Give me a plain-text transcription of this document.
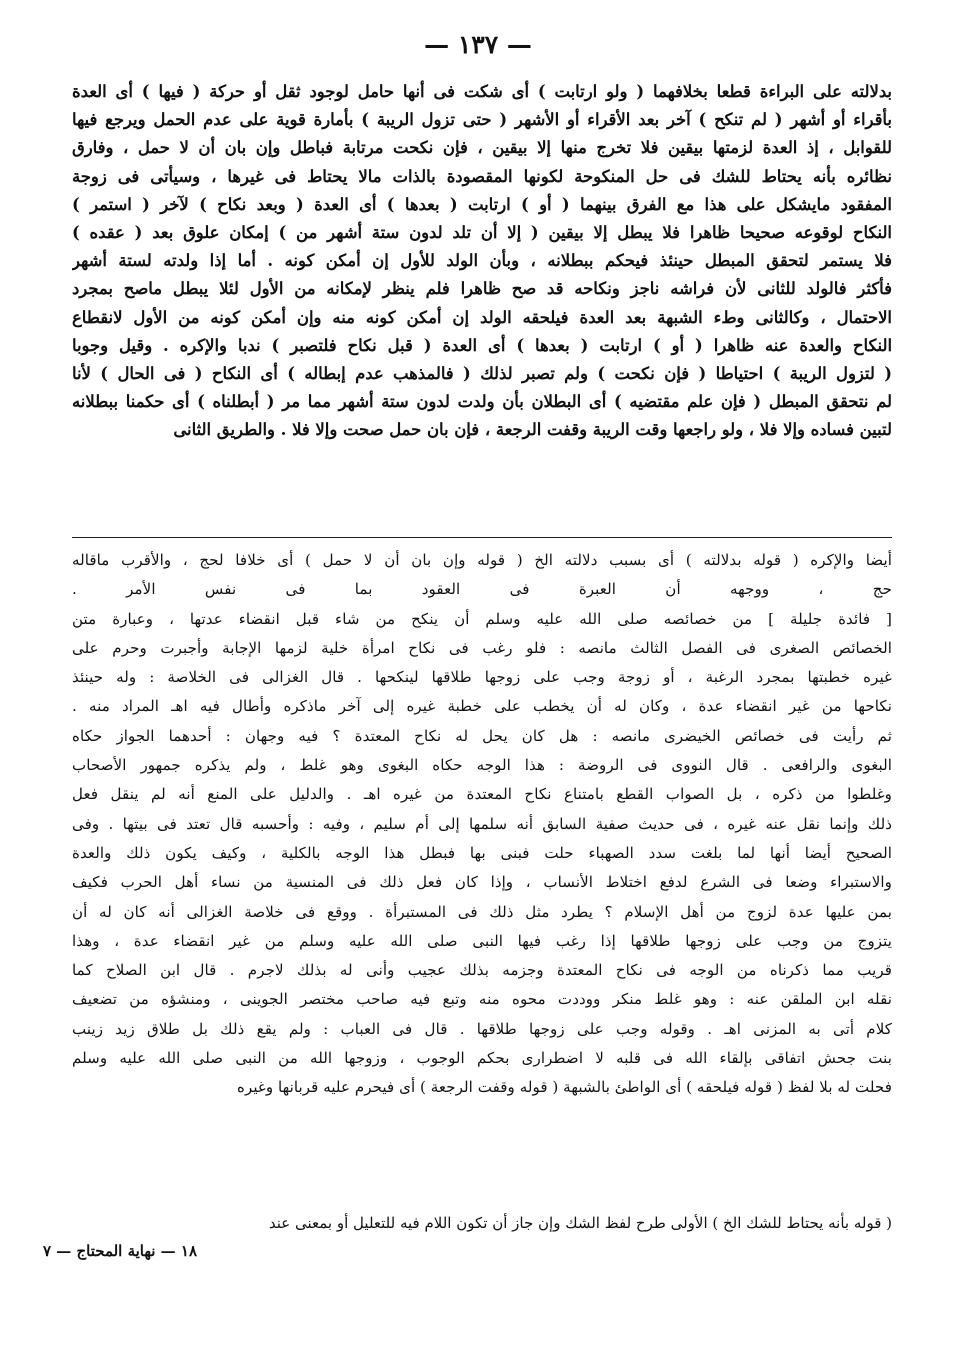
— ١٣٧ —
بدلالته على البراءة قطعا بخلافهما ( ولو ارتابت ) أى شكت فى أنها حامل لوجود ثقل أو حركة ( فيها ) أى العدة
بأقراء أو أشهر ( لم تنكح ) آخر بعد الأقراء أو الأشهر ( حتى تزول الريبة ) بأمارة قوية على عدم الحمل ويرجع فيها
للقوابل ، إذ العدة لزمتها بيقين فلا تخرج منها إلا بيقين ، فإن نكحت مرتابة فباطل وإن بان أن لا حمل ، وفارق
نظائره بأنه يحتاط للشك فى حل المنكوحة لكونها المقصودة بالذات مالا يحتاط فى غيرها ، وسيأتى فى زوجة
المفقود مايشكل على هذا مع الفرق بينهما ( أو ) ارتابت ( بعدها ) أى العدة ( وبعد نكاح ) لآخر ( استمر )
النكاح لوقوعه صحيحا ظاهرا فلا يبطل إلا بيقين ( إلا أن تلد لدون ستة أشهر من ) إمكان علوق بعد ( عقده )
فلا يستمر لتحقق المبطل حينئذ فيحكم ببطلانه ، وبأن الولد للأول إن أمكن كونه . أما إذا ولدته لستة أشهر
فأكثر فالولد للثانى لأن فراشه ناجز ونكاحه قد صح ظاهرا فلم ينظر لإمكانه من الأول لئلا يبطل ماصح بمجرد
الاحتمال ، وكالثانى وطء الشبهة بعد العدة فيلحقه الولد إن أمكن كونه منه وإن أمكن كونه من الأول لانقطاع
النكاح والعدة عنه ظاهرا ( أو ) ارتابت ( بعدها ) أى العدة ( قبل نكاح فلتصبر ) ندبا والإكره . وقيل وجوبا
( لتزول الريبة ) احتياطا ( فإن نكحت ) ولم تصبر لذلك ( فالمذهب عدم إبطاله ) أى النكاح ( فى الحال ) لأنا
لم نتحقق المبطل ( فإن علم مقتضيه ) أى البطلان بأن ولدت لدون ستة أشهر مما مر ( أبطلناه ) أى حكمنا ببطلانه
لتبين فساده وإلا فلا ، ولو راجعها وقت الريبة وقفت الرجعة ، فإن بان حمل صحت وإلا فلا . والطريق الثانى
أيضا والإكره ( قوله بدلالته ) أى بسبب دلالته الخ ( قوله وإن بان أن لا حمل ) أى خلافا لحج ، والأقرب ماقاله
حج ، ووجهه أن العبرة فى العقود بما فى نفس الأمر .
[ فائدة جليلة ] من خصائصه صلى الله عليه وسلم أن ينكح من شاء قبل انقضاء عدتها ، وعبارة متن
الخصائص الصغرى فى الفصل الثالث مانصه : فلو رغب فى نكاح امرأة خلية لزمها الإجابة وأجبرت وحرم على
غيره خطبتها بمجرد الرغبة ، أو زوجة وجب على زوجها طلاقها لينكحها . قال الغزالى فى الخلاصة : وله حينئذ
نكاحها من غير انقضاء عدة ، وكان له أن يخطب على خطبة غيره إلى آخر ماذكره وأطال فيه اهـ المراد منه .
ثم رأيت فى خصائص الخيضرى مانصه : هل كان يحل له نكاح المعتدة ؟ فيه وجهان : أحدهما الجواز حكاه
البغوى والرافعى . قال النووى فى الروضة : هذا الوجه حكاه البغوى وهو غلط ، ولم يذكره جمهور الأصحاب
وغلطوا من ذكره ، بل الصواب القطع بامتناع نكاح المعتدة من غيره اهـ . والدليل على المنع أنه لم ينقل فعل
ذلك وإنما نقل عنه غيره ، فى حديث صفية السابق أنه سلمها إلى أم سليم ، وفيه : وأحسبه قال تعتد فى بيتها . وفى
الصحيح أيضا أنها لما بلغت سدد الصهباء حلت فبنى بها فبطل هذا الوجه بالكلية ، وكيف يكون ذلك والعدة
والاستبراء وضعا فى الشرع لدفع اختلاط الأنساب ، وإذا كان فعل ذلك فى المنسية من نساء أهل الحرب فكيف
بمن عليها عدة لزوج من أهل الإسلام ؟ يطرد مثل ذلك فى المستبرأة . ووقع فى خلاصة الغزالى أنه كان له أن
يتزوج من وجب على زوجها طلاقها إذا رغب فيها النبى صلى الله عليه وسلم من غير انقضاء عدة ، وهذا
قريب مما ذكرناه من الوجه فى نكاح المعتدة وجزمه بذلك عجيب وأنى له بذلك لاجرم . قال ابن الصلاح كما
نقله ابن الملقن عنه : وهو غلط منكر ووددت محوه منه وتبع فيه صاحب مختصر الجوينى ، ومنشؤه من تضعيف
كلام أتى به المزنى اهـ . وقوله وجب على زوجها طلاقها . قال فى العباب : ولم يقع ذلك بل طلاق زيد زينب
بنت جحش اتفاقى بإلقاء الله فى قلبه لا اضطرارى بحكم الوجوب ، وزوجها الله من النبى صلى الله عليه وسلم
فحلت له بلا لفظ ( قوله فيلحقه ) أى الواطئ بالشبهة ( قوله وقفت الرجعة ) أى فيحرم عليه قربانها وغيره
( قوله بأنه يحتاط للشك الخ ) الأولى طرح لفظ الشك وإن جاز أن تكون اللام فيه للتعليل أو بمعنى عند
١٨ — نهاية المحتاج — ٧
